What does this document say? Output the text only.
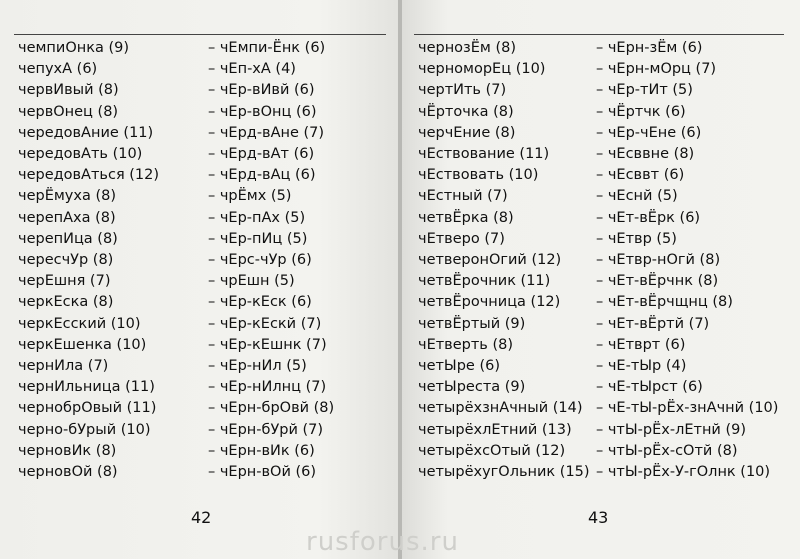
чемпиОнка (9)	– чЕмпи-Ёнк (6)
чепухА (6)	– чЕп-хА (4)
червИвый (8)	– чЕр-вИвй (6)
червОнец (8)	– чЕр-вОнц (6)
чередовАние (11)	– чЕрд-вАне (7)
чередовАть (10)	– чЕрд-вАт (6)
чередовАться (12)	– чЕрд-вАц (6)
черЁмуха (8)	– чрЁмх (5)
черепАха (8)	– чЕр-пАх (5)
черепИца (8)	– чЕр-пИц (5)
чересчУр (8)	– чЕрс-чУр (6)
черЕшня (7)	– чрЕшн (5)
черкЕска (8)	– чЕр-кЕск (6)
черкЕсский (10)	– чЕр-кЕскй (7)
черкЕшенка (10)	– чЕр-кЕшнк (7)
чернИла (7)	– чЕр-нИл (5)
чернИльница (11)	– чЕр-нИлнц (7)
чернобрОвый (11)	– чЕрн-брОвй (8)
черно-бУрый (10)	– чЕрн-бУрй (7)
черновИк (8)	– чЕрн-вИк (6)
черновОй (8)	– чЕрн-вОй (6)
42
чернозЁм (8)	– чЕрн-зЁм (6)
черноморЕц (10)	– чЕрн-мОрц (7)
чертИть (7)	– чЕр-тИт (5)
чЁрточка (8)	– чЁртчк (6)
черчЕние (8)	– чЕр-чЕне (6)
чЕствование (11)	– чЕсввне (8)
чЕствовать (10)	– чЕсввт (6)
чЕстный (7)	– чЕснй (5)
четвЁрка (8)	– чЕт-вЁрк (6)
чЕтверо (7)	– чЕтвр (5)
четверонОгий (12) – чЕтвр-нОгй (8)
четвЁрочник (11)	– чЕт-вЁрчнк (8)
четвЁрочница (12) – чЕт-вЁрчщнц (8)
четвЁртый (9)	– чЕт-вЁртй (7)
чЕтверть (8)	– чЕтврт (6)
четЫре (6)	– чЕ-тЫр (4)
четЫреста (9)	– чЕ-тЫрст (6)
четырёхзнАчный (14) – чЕ-тЫ-рЁх-знАчнй (10)
четырёхлЕтний (13) – чтЫ-рЁх-лЕтнй (9)
четырёхсОтый (12) – чтЫ-рЁх-сОтй (8)
четырёхугОльник (15) – чтЫ-рЁх-У-гОлнк (10)
43
rusforus.ru
